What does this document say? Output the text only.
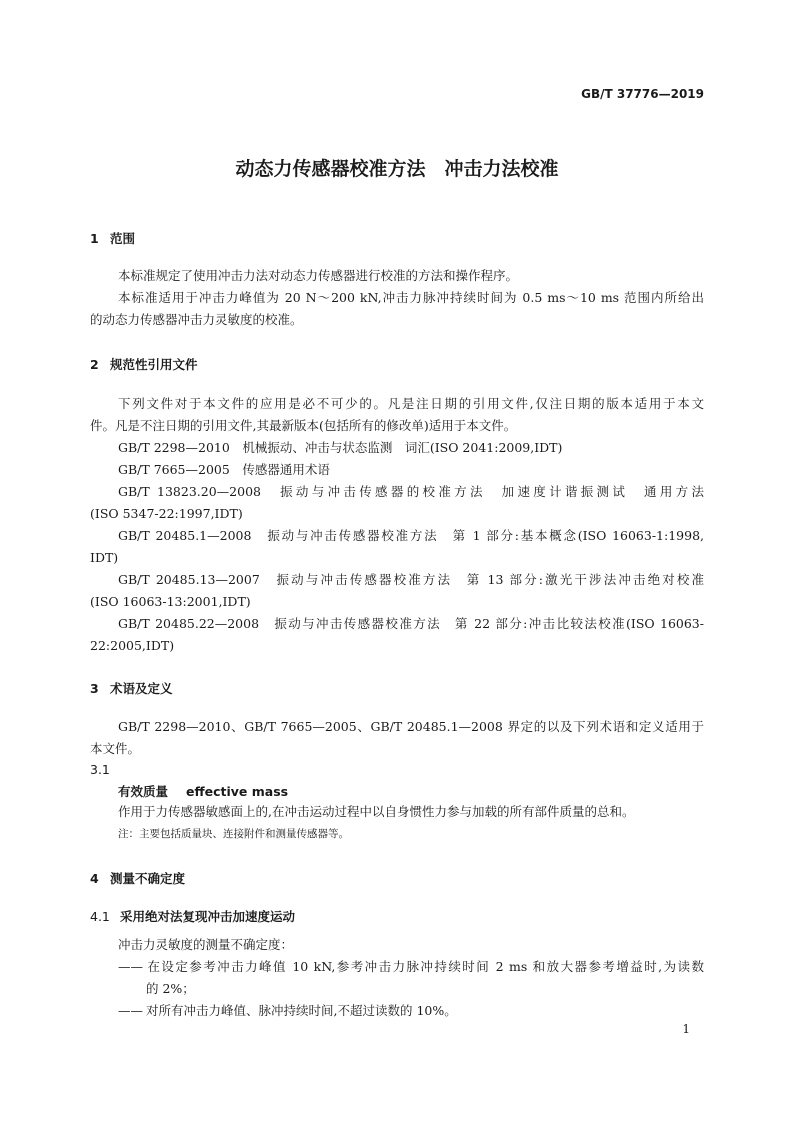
GB/T 37776—2019
动态力传感器校准方法　冲击力法校准
1 范围

本标准规定了使用冲击力法对动态力传感器进行校准的方法和操作程序。

本标准适用于冲击力峰值为 20 N～200 kN,冲击力脉冲持续时间为 0.5 ms～10 ms 范围内所给出

的动态力传感器冲击力灵敏度的校准。

2 规范性引用文件

下列文件对于本文件的应用是必不可少的。凡是注日期的引用文件,仅注日期的版本适用于本文

件。凡是不注日期的引用文件,其最新版本(包括所有的修改单)适用于本文件。

GB/T 2298—2010　机械振动、冲击与状态监测　词汇(ISO 2041:2009,IDT)

GB/T 7665—2005　传感器通用术语

GB/T 13823.20—2008　振动与冲击传感器的校准方法　加速度计谐振测试　通用方法

(ISO 5347-22:1997,IDT)

GB/T 20485.1—2008　振动与冲击传感器校准方法　第 1 部分:基本概念(ISO 16063-1:1998,

IDT)

GB/T 20485.13—2007　振动与冲击传感器校准方法　第 13 部分:激光干涉法冲击绝对校准

(ISO 16063-13:2001,IDT)

GB/T 20485.22—2008　振动与冲击传感器校准方法　第 22 部分:冲击比较法校准(ISO 16063-

22:2005,IDT)

3 术语及定义

GB/T 2298—2010、GB/T 7665—2005、GB/T 20485.1—2008 界定的以及下列术语和定义适用于

本文件。

3.1
有效质量 effective mass

作用于力传感器敏感面上的,在冲击运动过程中以自身惯性力参与加载的所有部件质量的总和。

注：主要包括质量块、连接附件和测量传感器等。

4 测量不确定度
4.1 采用绝对法复现冲击加速度运动

冲击力灵敏度的测量不确定度：

—— 在设定参考冲击力峰值 10 kN,参考冲击力脉冲持续时间 2 ms 和放大器参考增益时,为读数

的 2%；

—— 对所有冲击力峰值、脉冲持续时间,不超过读数的 10%。

1
